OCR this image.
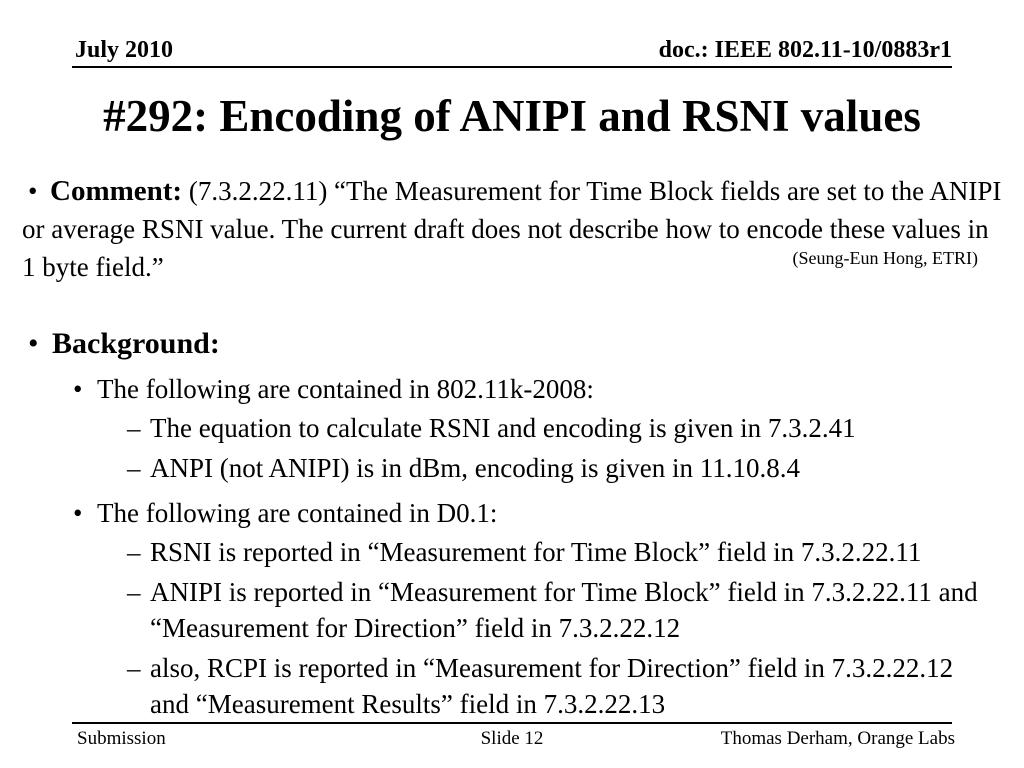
July 2010	doc.: IEEE 802.11-10/0883r1
#292: Encoding of ANIPI and RSNI values
• Comment: (7.3.2.22.11) “The Measurement for Time Block fields are set to the ANIPI or average RSNI value. The current draft does not describe how to encode these values in 1 byte field.”	(Seung-Eun Hong, ETRI)
• Background:
• The following are contained in 802.11k-2008:
– The equation to calculate RSNI and encoding is given in 7.3.2.41
– ANPI (not ANIPI) is in dBm, encoding is given in 11.10.8.4
• The following are contained in D0.1:
– RSNI is reported in “Measurement for Time Block” field in 7.3.2.22.11
– ANIPI is reported in “Measurement for Time Block” field in 7.3.2.22.11 and “Measurement for Direction” field in 7.3.2.22.12
– also, RCPI is reported in “Measurement for Direction” field in 7.3.2.22.12 and “Measurement Results” field in 7.3.2.22.13
Submission	Slide 12	Thomas Derham, Orange Labs
